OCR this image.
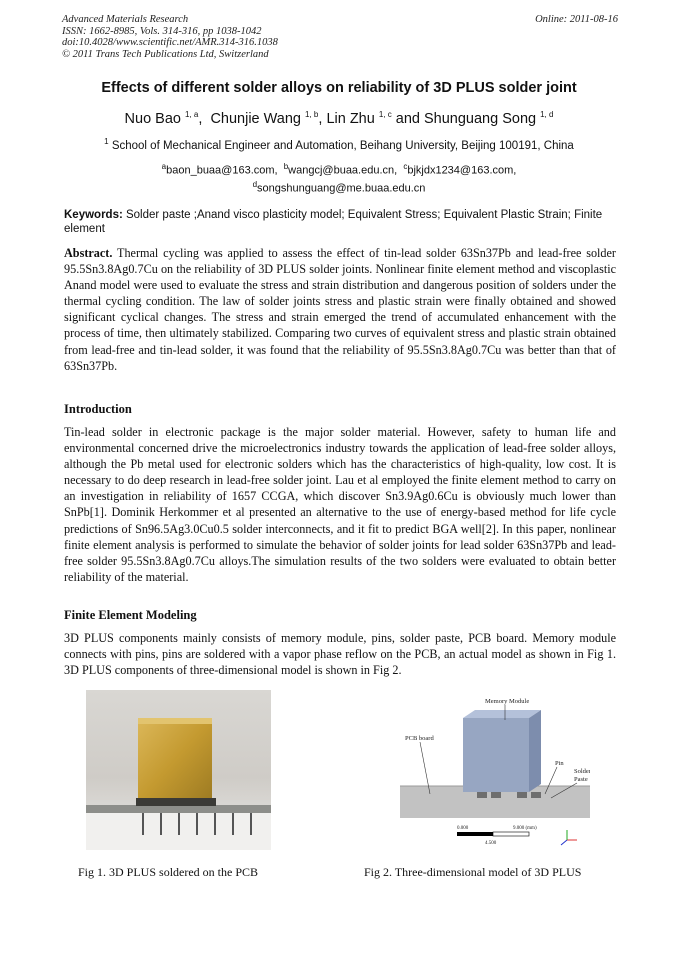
Advanced Materials Research
ISSN: 1662-8985, Vols. 314-316, pp 1038-1042
doi:10.4028/www.scientific.net/AMR.314-316.1038
© 2011 Trans Tech Publications Ltd, Switzerland
Online: 2011-08-16
Effects of different solder alloys on reliability of 3D PLUS solder joint
Nuo Bao $^{1, a}$,  Chunjie Wang $^{1, b}$, Lin Zhu $^{1, c}$ and Shunguang Song $^{1, d}$
$^1$ School of Mechanical Engineer and Automation, Beihang University, Beijing 100191, China
$^a$baon_buaa@163.com, $^b$wangcj@buaa.edu.cn, $^c$bjkjdx1234@163.com,
$^d$songshunguang@me.buaa.edu.cn
Keywords: Solder paste ;Anand visco plasticity model; Equivalent Stress; Equivalent Plastic Strain; Finite element
Abstract. Thermal cycling was applied to assess the effect of tin-lead solder 63Sn37Pb and lead-free solder 95.5Sn3.8Ag0.7Cu on the reliability of 3D PLUS solder joints. Nonlinear finite element method and viscoplastic Anand model were used to evaluate the stress and strain distribution and dangerous position of solders under the thermal cycling condition. The law of solder joints stress and plastic strain were finally obtained and showed significant cyclical changes. The stress and strain emerged the trend of accumulated enhancement with the process of time, then ultimately stabilized. Comparing two curves of equivalent stress and plastic strain obtained from lead-free and tin-lead solder, it was found that the reliability of 95.5Sn3.8Ag0.7Cu was better than that of 63Sn37Pb.
Introduction
Tin-lead solder in electronic package is the major solder material. However, safety to human life and environmental concerned drive the microelectronics industry towards the application of lead-free solder alloys, although the Pb metal used for electronic solders which has the characteristics of high-quality, low cost. It is necessary to do deep research in lead-free solder joint. Lau et al employed the finite element method to carry on an investigation in reliability of 1657 CCGA, which discover Sn3.9Ag0.6Cu is obviously much lower than SnPb[1]. Dominik Herkommer et al presented an alternative to the use of energy-based method for life cycle predictions of Sn96.5Ag3.0Cu0.5 solder interconnects, and it fit to predict BGA well[2]. In this paper, nonlinear finite element analysis is performed to simulate the behavior of solder joints for lead solder 63Sn37Pb and lead-free solder 95.5Sn3.8Ag0.7Cu alloys.The simulation results of the two solders were evaluated to obtain better reliability of the material.
Finite Element Modeling
3D PLUS components mainly consists of memory module, pins, solder paste, PCB board. Memory module connects with pins, pins are soldered with a vapor phase reflow on the PCB, an actual model as shown in Fig 1. 3D PLUS components of three-dimensional model is shown in Fig 2.
Memory Module
PCB board
Pin
Solder
Paste
0.000	9.000 (mm)
4.500
Fig 1. 3D PLUS soldered on the PCB	Fig 2. Three-dimensional model of 3D PLUS
